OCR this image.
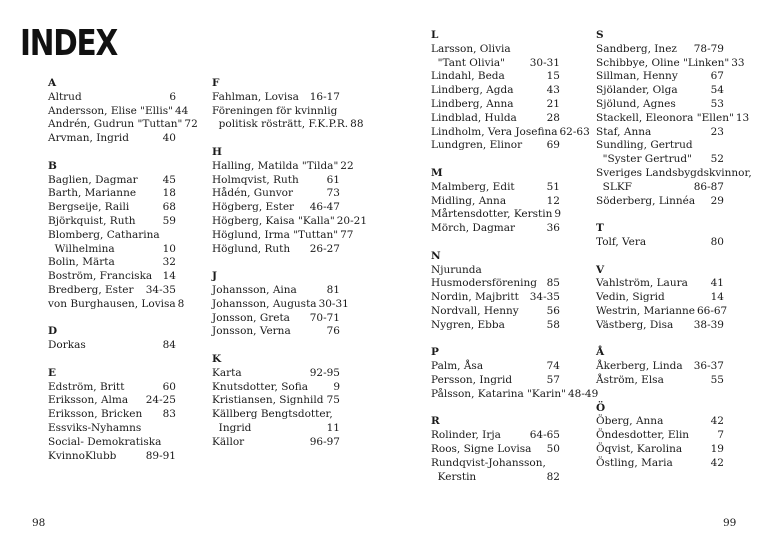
INDEX
A
Altrud	6
Andersson, Elise "Ellis" 44
Andrén, Gudrun "Tuttan" 72
Arvman, Ingrid	40
B
Baglien, Dagmar 45
Barth, Marianne	18
Bergseije, Raili	68
Björkquist, Ruth	59
Blomberg, Catharina
Wilhelmina	10
Bolin, Märta	32
Boström, Franciska 14
Bredberg, Ester 34-35
von Burghausen, Lovisa 8
D
Dorkas	84
E
Edström, Britt	60
Eriksson, Alma 24-25
Eriksson, Bricken 83
Essviks-Nyhamns
Social- Demokratiska
KvinnoKlubb	89-91
F
Fahlman, Lovisa 16-17
Föreningen för kvinnlig
politisk rösträtt, F.K.P.R. 88
H
Halling, Matilda "Tilda" 22
Holmqvist, Ruth	61
Hådén, Gunvor	73
Högberg, Ester 46-47
Högberg, Kaisa "Kalla" 20-21
Höglund, Irma "Tuttan" 77
Höglund, Ruth 26-27
J
Johansson, Aina	81
Johansson, Augusta 30-31
Jonsson, Greta 70-71
Jonsson, Verna	76
K
Karta	92-95
Knutsdotter, Sofia 9
Kristiansen, Signhild 75
Källberg Bengtsdotter,
Ingrid	11
Källor	96-97
L
Larsson, Olivia
"Tant Olivia" 30-31
Lindahl, Beda	15
Lindberg, Agda	43
Lindberg, Anna	21
Lindblad, Hulda	28
Lindholm, Vera Josefina 62-63
Lundgren, Elinor 69
M
Malmberg, Edit	51
Midling, Anna	12
Mårtensdotter, Kerstin 9
Mörch, Dagmar	36
N
Njurunda
Husmodersförening 85
Nordin, Majbritt 34-35
Nordvall, Henny	56
Nygren, Ebba	58
P
Palm, Åsa	74
Persson, Ingrid	57
Pålsson, Katarina "Karin" 48-49
R
Rolinder, Irja	64-65
Roos, Signe Lovisa 50
Rundqvist-Johansson,
Kerstin	82
S
Sandberg, Inez 78-79
Schibbye, Oline "Linken" 33
Sillman, Henny	67
Sjölander, Olga	54
Sjölund, Agnes	53
Stackell, Eleonora "Ellen" 13
Staf, Anna	23
Sundling, Gertrud
"Syster Gertrud" 52
Sveriges Landsbygdskvinnor,
SLKF	86-87
Söderberg, Linnéa 29
T
Tolf, Vera	80
V
Vahlström, Laura 41
Vedin, Sigrid	14
Westrin, Marianne 66-67
Västberg, Disa 38-39
Å
Åkerberg, Linda 36-37
Åström, Elsa	55
Ö
Öberg, Anna	42
Öndesdotter, Elin	7
Öqvist, Karolina	19
Östling, Maria	42
98	99
